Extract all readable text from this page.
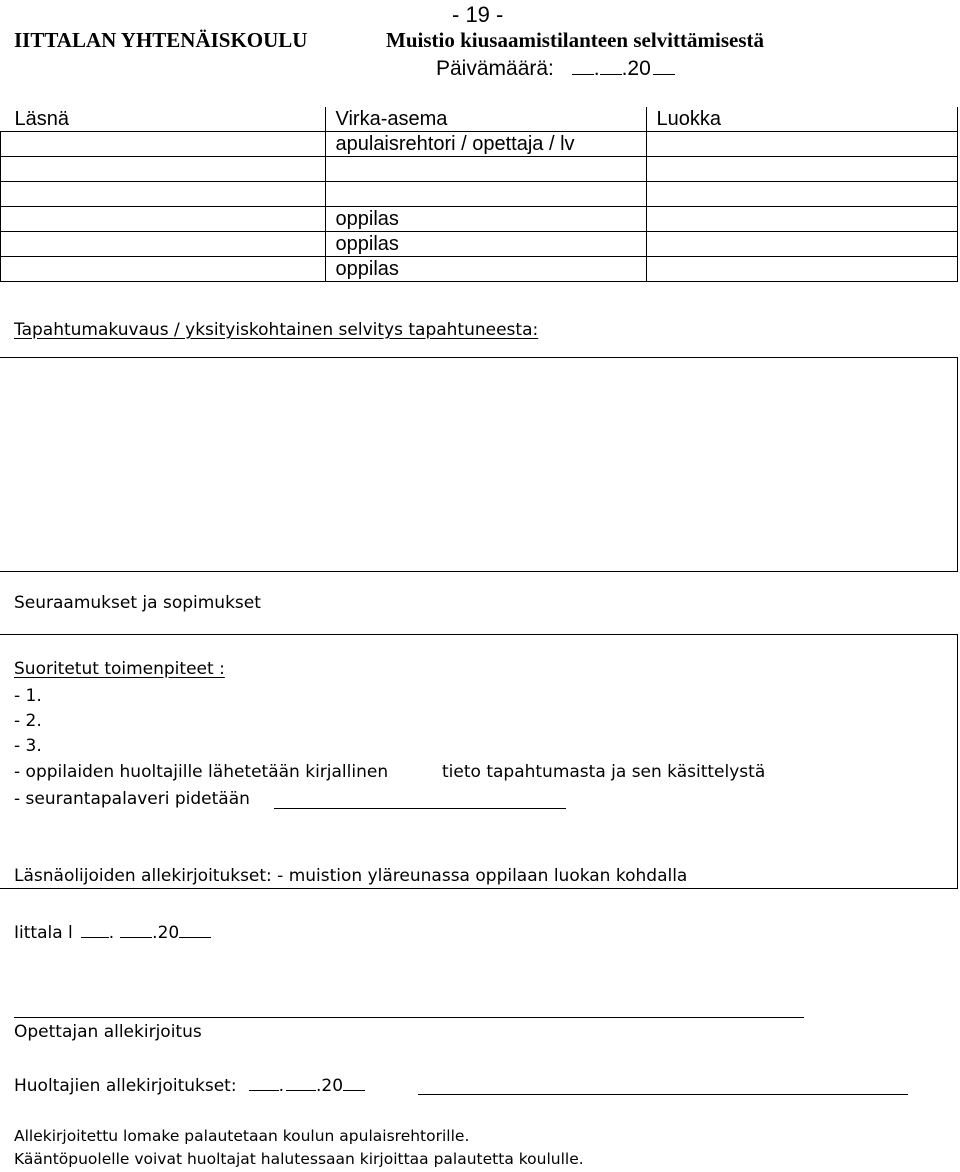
- 19 -
IITTALAN YHTENÄISKOULU	Muistio kiusaamistilanteen selvittämisestä
Päivämäärä: . .20
Läsnä	Virka-asema	Luokka
	apulaisrehtori / opettaja / lv	

	oppilas	
	oppilas	
	oppilas	
Tapahtumakuvaus / yksityiskohtainen selvitys tapahtuneesta:
Seuraamukset ja sopimukset
Suoritetut toimenpiteet :
- 1.
- 2.
- 3.
- oppilaiden huoltajille lähetetään kirjallinen	tieto tapahtumasta ja sen käsittelystä
- seurantapalaveri pidetään
Läsnäolijoiden allekirjoitukset: - muistion yläreunassa oppilaan luokan kohdalla
Iittala l . .20
Opettajan allekirjoitus
Huoltajien allekirjoitukset: . .20
Allekirjoitettu lomake palautetaan koulun apulaisrehtorille.
Kääntöpuolelle voivat huoltajat halutessaan kirjoittaa palautetta koululle.
